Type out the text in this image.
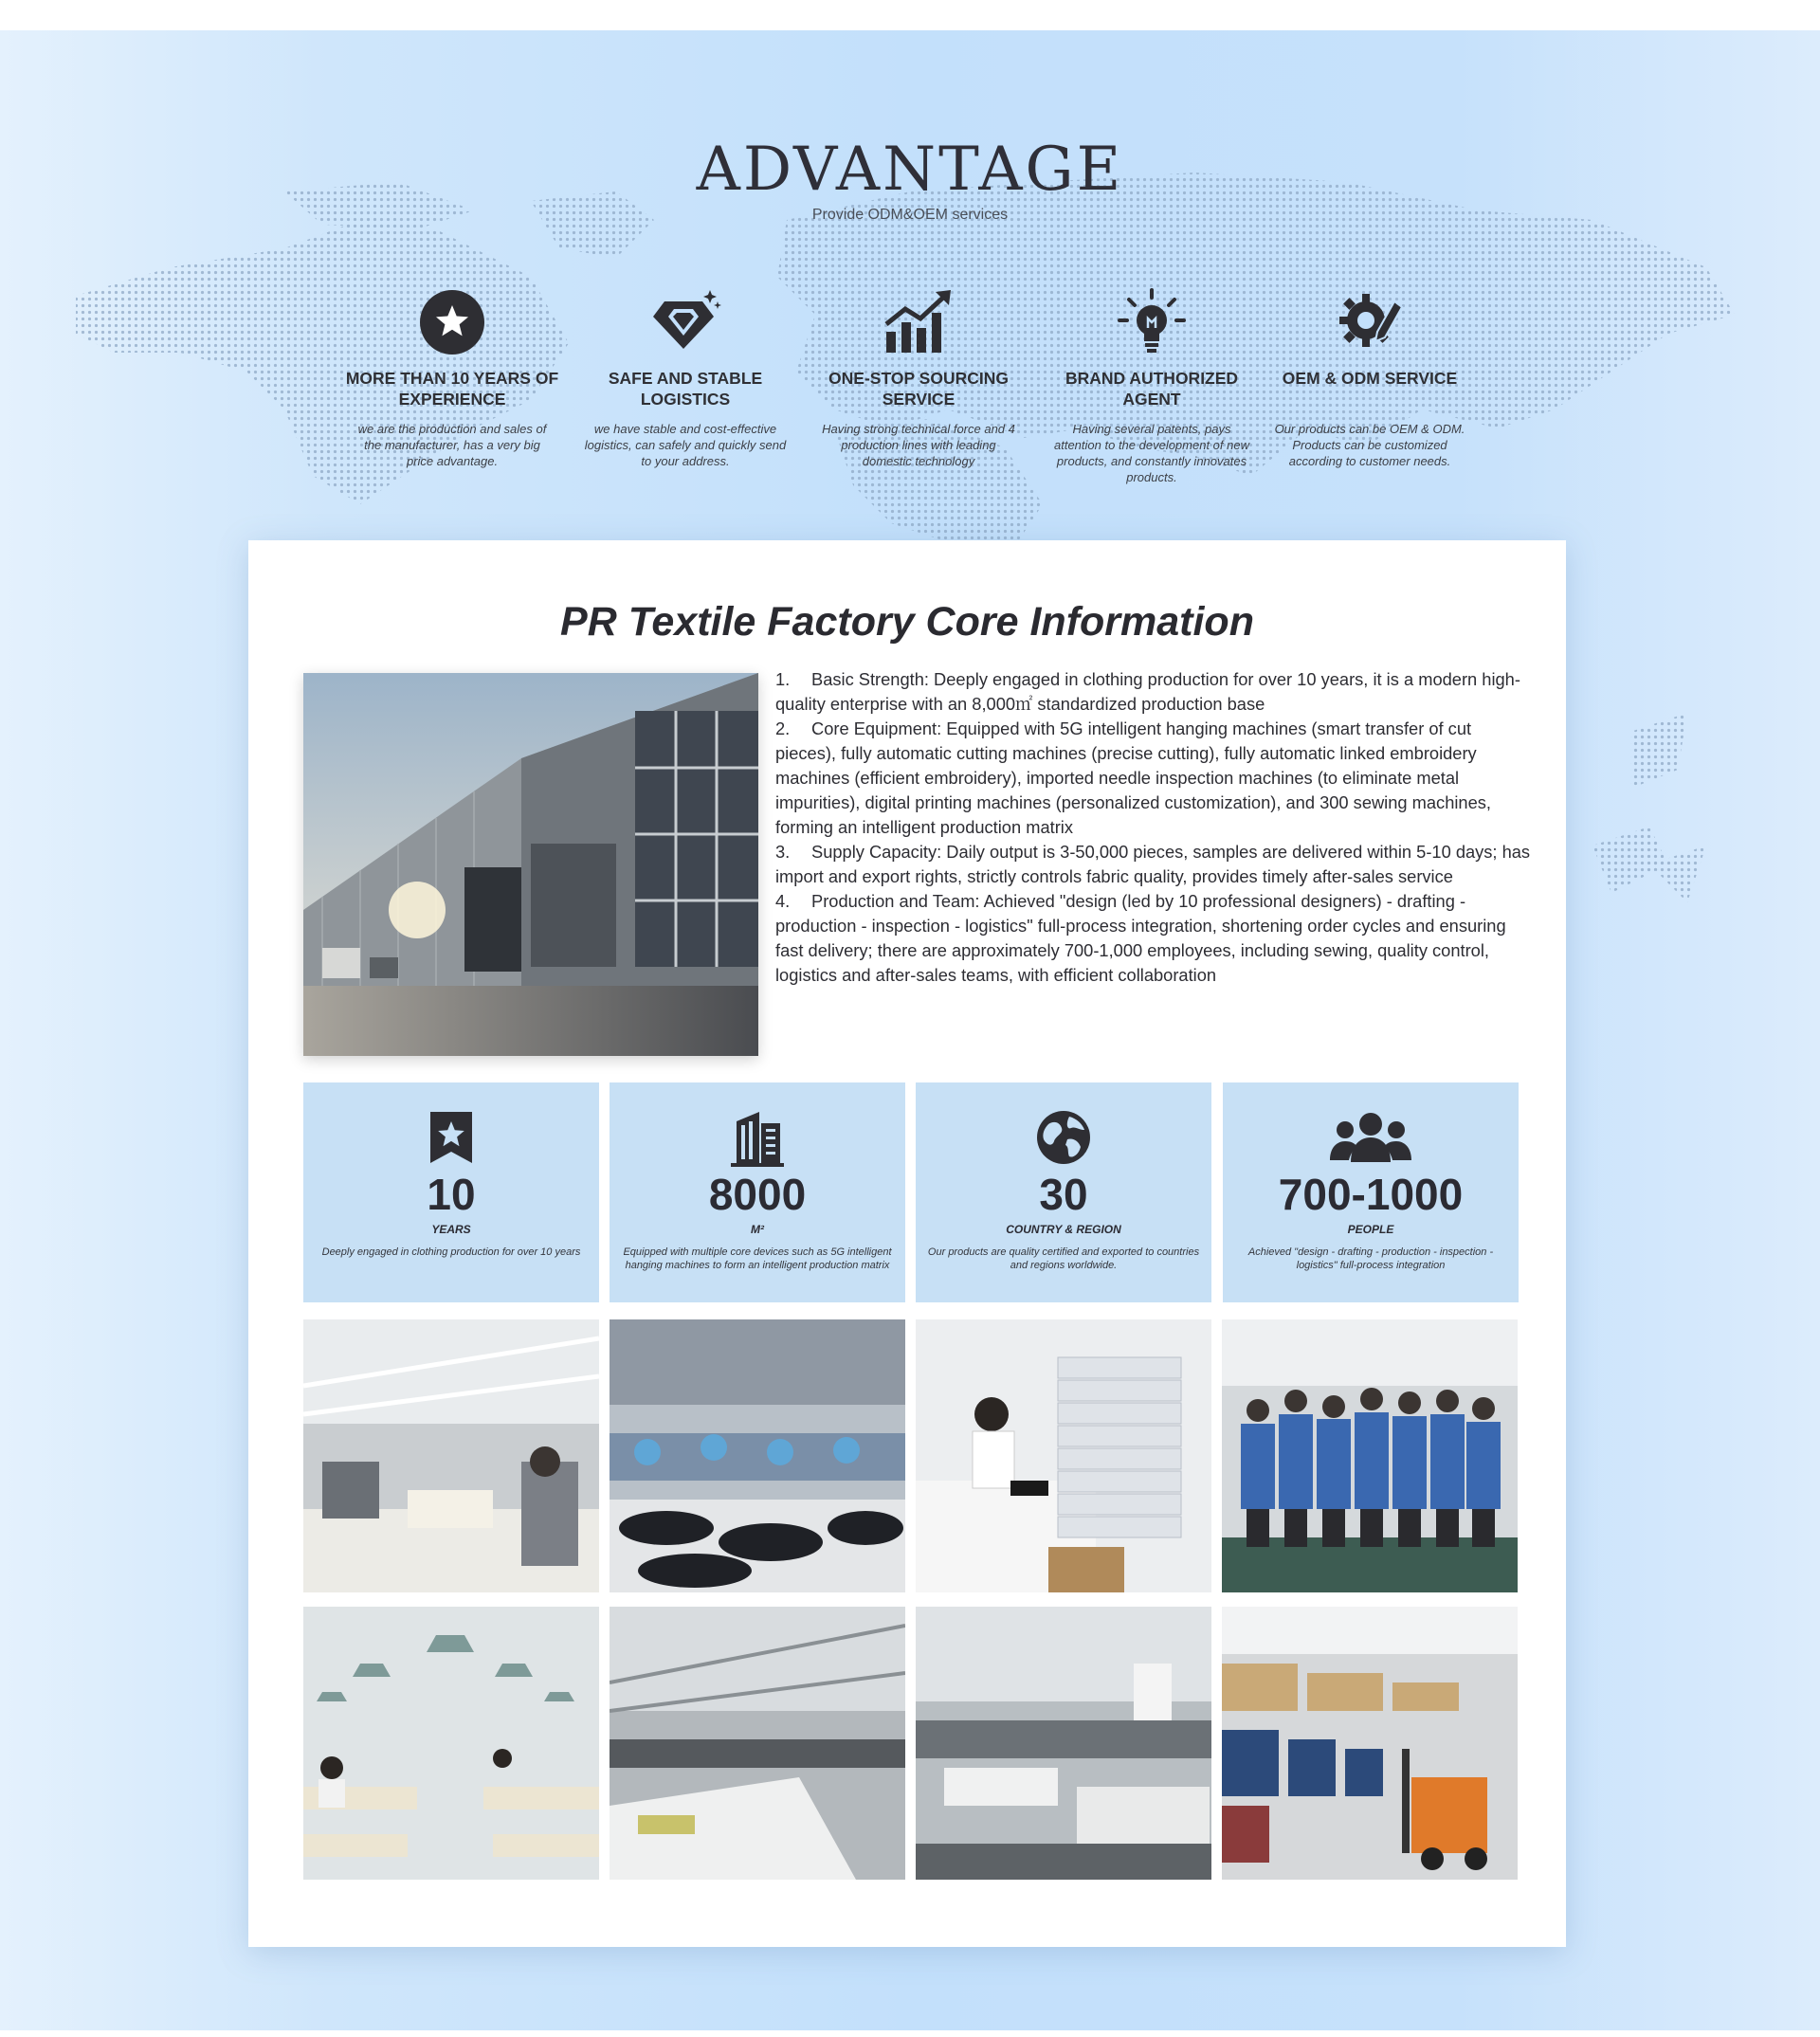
ADVANTAGE
Provide ODM&OEM services
MORE THAN 10 YEARS OF EXPERIENCE
we are the production and sales of the manufacturer, has a very big price advantage.
SAFE AND STABLE LOGISTICS
we have stable and cost-effective logistics, can safely and quickly send to your address.
ONE-STOP SOURCING SERVICE
Having strong technical force and 4 production lines with leading domestic technology
BRAND AUTHORIZED AGENT
Having several patents, pays attention to the development of new products, and constantly innovates products.
OEM & ODM SERVICE
Our products can be OEM & ODM. Products can be customized according to customer needs.
PR Textile Factory Core Information
1. Basic Strength: Deeply engaged in clothing production for over 10 years, it is a modern high-quality enterprise with an 8,000㎡ standardized production base
2. Core Equipment: Equipped with 5G intelligent hanging machines (smart transfer of cut pieces), fully automatic cutting machines (precise cutting), fully automatic linked embroidery machines (efficient embroidery), imported needle inspection machines (to eliminate metal impurities), digital printing machines (personalized customization), and 300 sewing machines, forming an intelligent production matrix
3. Supply Capacity: Daily output is 3-50,000 pieces, samples are delivered within 5-10 days; has import and export rights, strictly controls fabric quality, provides timely after-sales service
4. Production and Team: Achieved "design (led by 10 professional designers) - drafting - production - inspection - logistics" full-process integration, shortening order cycles and ensuring fast delivery; there are approximately 700-1,000 employees, including sewing, quality control, logistics and after-sales teams, with efficient collaboration
10
YEARS
Deeply engaged in clothing production for over 10 years
8000
M²
Equipped with multiple core devices such as 5G intelligent hanging machines to form an intelligent production matrix
30
COUNTRY & REGION
Our products are quality certified and exported to countries and regions worldwide.
700-1000
PEOPLE
Achieved "design - drafting - production - inspection - logistics" full-process integration
